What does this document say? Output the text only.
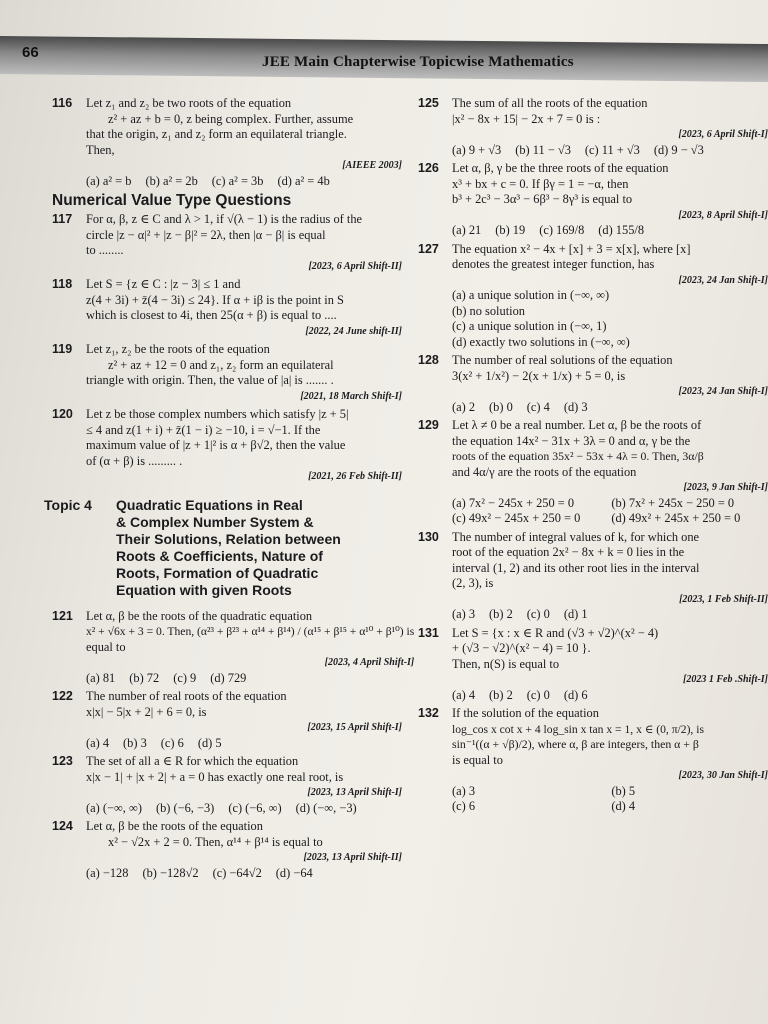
66
JEE Main Chapterwise Topicwise Mathematics
116	Let z₁ and z₂ be two roots of the equation
z² + az + b = 0, z being complex. Further, assume
that the origin, z₁ and z₂ form an equilateral triangle.
Then,
[AIEEE 2003]
(a) a² = b (b) a² = 2b (c) a² = 3b (d) a² = 4b
Numerical Value Type Questions
117	For α, β, z ∈ C and λ > 1, if √(λ − 1) is the radius of the
circle |z − α|² + |z − β|² = 2λ, then |α − β| is equal
to ........
[2023, 6 April Shift-II]
118	Let S = {z ∈ C : |z − 3| ≤ 1 and
z(4 + 3i) + z̄(4 − 3i) ≤ 24}. If α + iβ is the point in S
which is closest to 4i, then 25(α + β) is equal to ....
[2022, 24 June shift-II]
119	Let z₁, z₂ be the roots of the equation
z² + az + 12 = 0 and z₁, z₂ form an equilateral
triangle with origin. Then, the value of |a| is ....... .
[2021, 18 March Shift-I]
120	Let z be those complex numbers which satisfy |z + 5|
≤ 4 and z(1 + i) + z̄(1 − i) ≥ −10, i = √−1. If the
maximum value of |z + 1|² is α + β√2, then the value
of (α + β) is ......... .
[2021, 26 Feb Shift-II]
Topic 4	Quadratic Equations in Real
& Complex Number System &
Their Solutions, Relation between
Roots & Coefficients, Nature of
Roots, Formation of Quadratic
Equation with given Roots
121	Let α, β be the roots of the quadratic equation
x² + √6x + 3 = 0. Then, (α²³ + β²³ + α¹⁴ + β¹⁴) / (α¹⁵ + β¹⁵ + α¹⁰ + β¹⁰) is
equal to
[2023, 4 April Shift-I]
(a) 81 (b) 72 (c) 9 (d) 729
122	The number of real roots of the equation
x|x| − 5|x + 2| + 6 = 0, is
[2023, 15 April Shift-I]
(a) 4 (b) 3 (c) 6 (d) 5
123	The set of all a ∈ R for which the equation
x|x − 1| + |x + 2| + a = 0 has exactly one real root, is
[2023, 13 April Shift-I]
(a) (−∞, ∞) (b) (−6, −3) (c) (−6, ∞) (d) (−∞, −3)
124	Let α, β be the roots of the equation
x² − √2x + 2 = 0. Then, α¹⁴ + β¹⁴ is equal to
[2023, 13 April Shift-II]
(a) −128 (b) −128√2 (c) −64√2 (d) −64
125	The sum of all the roots of the equation
|x² − 8x + 15| − 2x + 7 = 0 is :
[2023, 6 April Shift-I]
(a) 9 + √3 (b) 11 − √3 (c) 11 + √3 (d) 9 − √3
126	Let α, β, γ be the three roots of the equation
x³ + bx + c = 0. If βγ = 1 = −α, then
b³ + 2c³ − 3α³ − 6β³ − 8γ³ is equal to
[2023, 8 April Shift-I]
(a) 21 (b) 19 (c) 169/8 (d) 155/8
127	The equation x² − 4x + [x] + 3 = x[x], where [x]
denotes the greatest integer function, has
[2023, 24 Jan Shift-I]
(a) a unique solution in (−∞, ∞)
(b) no solution
(c) a unique solution in (−∞, 1)
(d) exactly two solutions in (−∞, ∞)
128	The number of real solutions of the equation
3(x² + 1/x²) − 2(x + 1/x) + 5 = 0, is
[2023, 24 Jan Shift-I]
(a) 2 (b) 0 (c) 4 (d) 3
129	Let λ ≠ 0 be a real number. Let α, β be the roots of
the equation 14x² − 31x + 3λ = 0 and α, γ be the
roots of the equation 35x² − 53x + 4λ = 0. Then, 3α/β
and 4α/γ are the roots of the equation
[2023, 9 Jan Shift-I]
(a) 7x² − 245x + 250 = 0	(b) 7x² + 245x − 250 = 0
(c) 49x² − 245x + 250 = 0	(d) 49x² + 245x + 250 = 0
130	The number of integral values of k, for which one
root of the equation 2x² − 8x + k = 0 lies in the
interval (1, 2) and its other root lies in the interval
(2, 3), is
[2023, 1 Feb Shift-II]
(a) 3 (b) 2 (c) 0 (d) 1
131	Let S = {x : x ∈ R and (√3 + √2)^(x² − 4)
+ (√3 − √2)^(x² − 4) = 10 }.
Then, n(S) is equal to
[2023 1 Feb .Shift-I]
(a) 4 (b) 2 (c) 0 (d) 6
132	If the solution of the equation
log_cos x cot x + 4 log_sin x tan x = 1, x ∈ (0, π/2), is
sin⁻¹((α + √β)/2), where α, β are integers, then α + β
is equal to
[2023, 30 Jan Shift-I]
(a) 3	(b) 5
(c) 6	(d) 4
